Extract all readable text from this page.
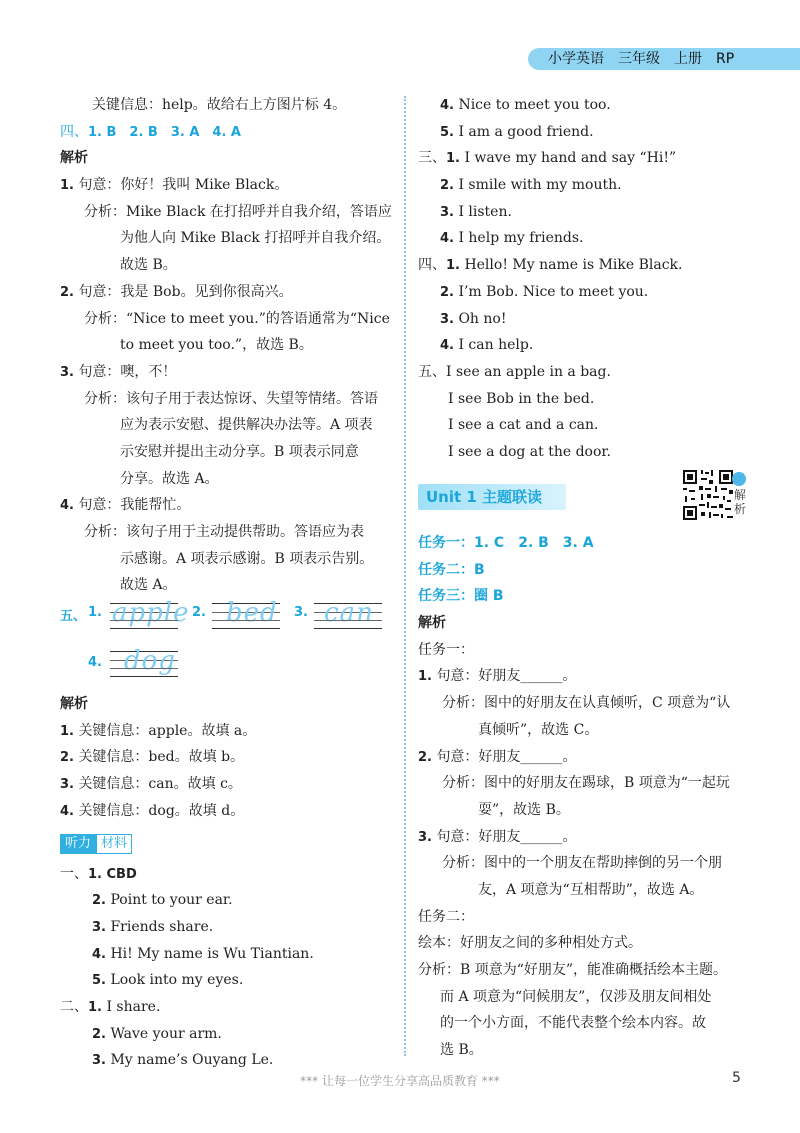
小学英语　三年级　上册　RP
关键信息：help。故给右上方图片标 4。
四、1. B　2. B　3. A　4. A
解析
1. 句意：你好！我叫 Mike Black。
分析：Mike Black 在打招呼并自我介绍，答语应
为他人向 Mike Black 打招呼并自我介绍。
故选 B。
2. 句意：我是 Bob。见到你很高兴。
分析：“Nice to meet you.”的答语通常为“Nice
to meet you too.”，故选 B。
3. 句意：噢，不！
分析：该句子用于表达惊讶、失望等情绪。答语
应为表示安慰、提供解决办法等。A 项表
示安慰并提出主动分享。B 项表示同意
分享。故选 A。
4. 句意：我能帮忙。
分析：该句子用于主动提供帮助。答语应为表
示感谢。A 项表示感谢。B 项表示告别。
故选 A。
五、 1. apple 2. bed 3. can
4. dog
解析
1. 关键信息：apple。故填 a。
2. 关键信息：bed。故填 b。
3. 关键信息：can。故填 c。
4. 关键信息：dog。故填 d。
听力 材料
一、1. CBD
2. Point to your ear.
3. Friends share.
4. Hi! My name is Wu Tiantian.
5. Look into my eyes.
二、1. I share.
2. Wave your arm.
3. My name’s Ouyang Le.
4. Nice to meet you too.
5. I am a good friend.
三、1. I wave my hand and say “Hi!”
2. I smile with my mouth.
3. I listen.
4. I help my friends.
四、1. Hello! My name is Mike Black.
2. I’m Bob. Nice to meet you.
3. Oh no!
4. I can help.
五、I see an apple in a bag.
I see Bob in the bed.
I see a cat and a can.
I see a dog at the door.
Unit 1 主题联读	解析
任务一：1. C　2. B　3. A
任务二：B
任务三：圈 B
解析
任务一：
1. 句意：好朋友______。
分析：图中的好朋友在认真倾听，C 项意为“认
真倾听”，故选 C。
2. 句意：好朋友______。
分析：图中的好朋友在踢球，B 项意为“一起玩
耍”，故选 B。
3. 句意：好朋友______。
分析：图中的一个朋友在帮助摔倒的另一个朋
友，A 项意为“互相帮助”，故选 A。
任务二：
绘本：好朋友之间的多种相处方式。
分析：B 项意为“好朋友”，能准确概括绘本主题。
而 A 项意为“问候朋友”，仅涉及朋友间相处
的一个小方面，不能代表整个绘本内容。故
选 B。
*** 让每一位学生分享高品质教育 ***	5
